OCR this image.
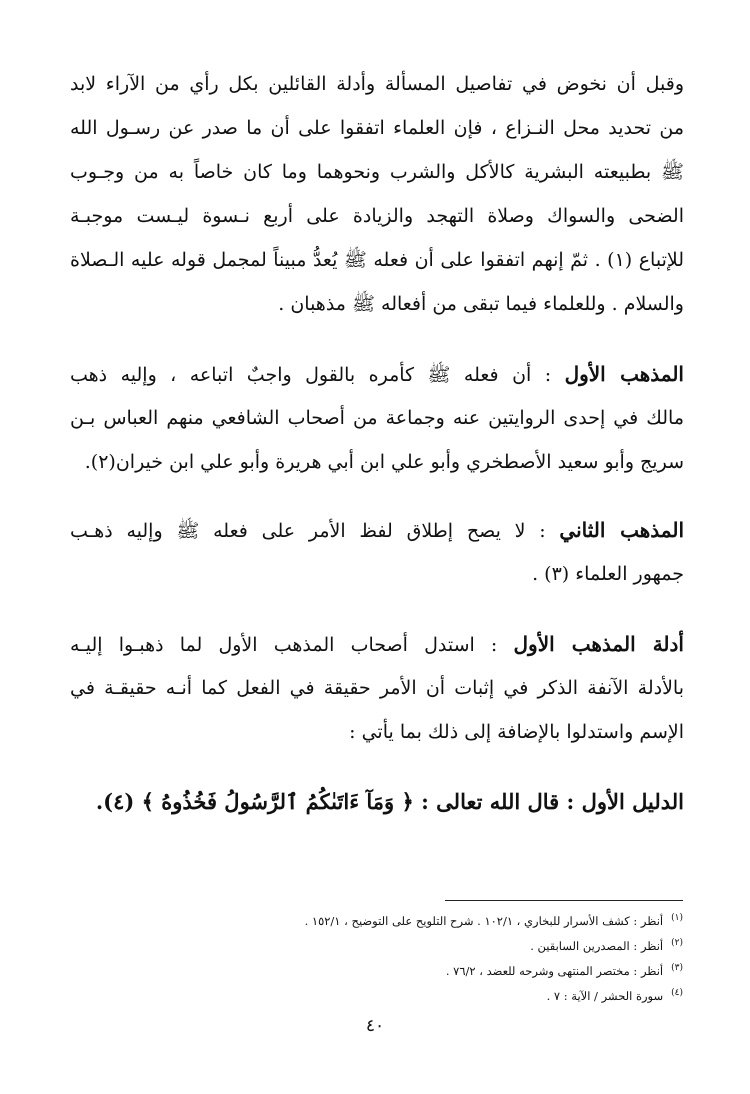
وقبل أن نخوض في تفاصيل المسألة وأدلة القائلين بكل رأي من الآراء لابد
من تحديد محل النـزاع ، فإن العلماء اتفقوا على أن ما صدر عن رسـول الله
ﷺ بطبيعته البشرية كالأكل والشرب ونحوهما وما كان خاصاً به من وجـوب
الضحى والسواك وصلاة التهجد والزيادة على أربع نـسوة ليـست موجبـة
للإتباع (١) . ثمّ إنهم اتفقوا على أن فعله ﷺ يُعدُّ مبيناً لمجمل قوله عليه الـصلاة
والسلام . وللعلماء فيما تبقى من أفعاله ﷺ مذهبان .
المذهب الأول : أن فعله ﷺ كأمره بالقول واجبٌ اتباعه ، وإليه ذهب
مالك في إحدى الروايتين عنه وجماعة من أصحاب الشافعي منهم العباس بـن
سريج وأبو سعيد الأصطخري وأبو علي ابن أبي هريرة وأبو علي ابن خيران(٢).
المذهب الثاني : لا يصح إطلاق لفظ الأمر على فعله ﷺ وإليه ذهـب
جمهور العلماء (٣) .
أدلة المذهب الأول : استدل أصحاب المذهب الأول لما ذهبـوا إليـه
بالأدلة الآنفة الذكر في إثبات أن الأمر حقيقة في الفعل كما أنـه حقيقـة في
الإسم واستدلوا بالإضافة إلى ذلك بما يأتي :
الدليل الأول : قال الله تعالى : ﴿ وَمَآ ءَاتَىٰكُمُ ٱلرَّسُولُ فَخُذُوهُ ﴾ (٤).
$^{(١)}$أنظر : كشف الأسرار للبخاري ، ١٠٢/١ . شرح التلويح على التوضيح ، ١٥٢/١ .
$^{(٢)}$أنظر : المصدرين السابقين .
$^{(٣)}$أنظر : مختصر المنتهى وشرحه للعضد ، ٧٦/٢ .
$^{(٤)}$سورة الحشر / الآية : ٧ .
٤٠
